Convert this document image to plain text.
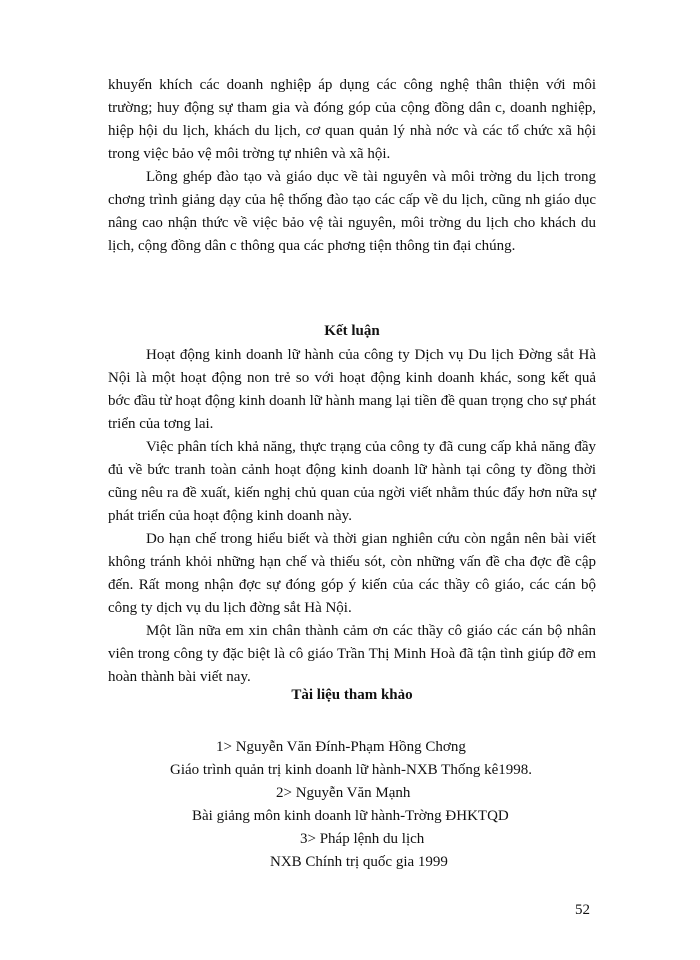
khuyến khích các doanh nghiệp áp dụng các công nghệ thân thiện với môi trường; huy động sự tham gia và đóng góp của cộng đồng dân c, doanh nghiệp, hiệp hội du lịch, khách du lịch, cơ quan quản lý nhà nớc và các tổ chức xã hội trong việc bảo vệ môi trờng tự nhiên và xã hội.

Lồng ghép đào tạo và giáo dục về tài nguyên và môi trờng du lịch trong chơng trình giảng dạy của hệ thống đào tạo các cấp về du lịch, cũng nh giáo dục nâng cao nhận thức về việc bảo vệ tài nguyên, môi trờng du lịch cho khách du lịch, cộng đồng dân c thông qua các phơng tiện thông tin đại chúng.

Kết luận

Hoạt động kinh doanh lữ hành của công ty Dịch vụ Du lịch Đờng sắt Hà Nội là một hoạt động non trẻ so với hoạt động kinh doanh khác, song kết quả bớc đầu từ hoạt động kinh doanh lữ hành mang lại tiền đề quan trọng cho sự phát triển của tơng lai.

Việc phân tích khả năng, thực trạng của công ty đã cung cấp khả năng đầy đủ về bức tranh toàn cảnh hoạt động kinh doanh lữ hành tại công ty đồng thời cũng nêu ra đề xuất, kiến nghị chủ quan của ngời viết nhằm thúc đẩy hơn nữa sự phát triển của hoạt động kinh doanh này.

Do hạn chế trong hiểu biết và thời gian nghiên cứu còn ngắn nên bài viết không tránh khỏi những hạn chế và thiếu sót, còn những vấn đề cha đợc đề cập đến. Rất mong nhận đợc sự đóng góp ý kiến của các thầy cô giáo, các cán bộ công ty dịch vụ du lịch đờng sắt Hà Nội.

Một lần nữa em xin chân thành cảm ơn các thầy cô giáo các cán bộ nhân viên trong công ty đặc biệt là cô giáo Trần Thị Minh Hoà đã tận tình giúp đỡ em hoàn thành bài viết nay.

Tài liệu tham khảo
1> Nguyễn Văn Đính-Phạm Hồng Chơng
Giáo trình quản trị kinh doanh lữ hành-NXB Thống kê1998.
2> Nguyễn Văn Mạnh
Bài giảng môn kinh doanh lữ hành-Trờng ĐHKTQD
3> Pháp lệnh du lịch
NXB Chính trị quốc gia 1999
52
